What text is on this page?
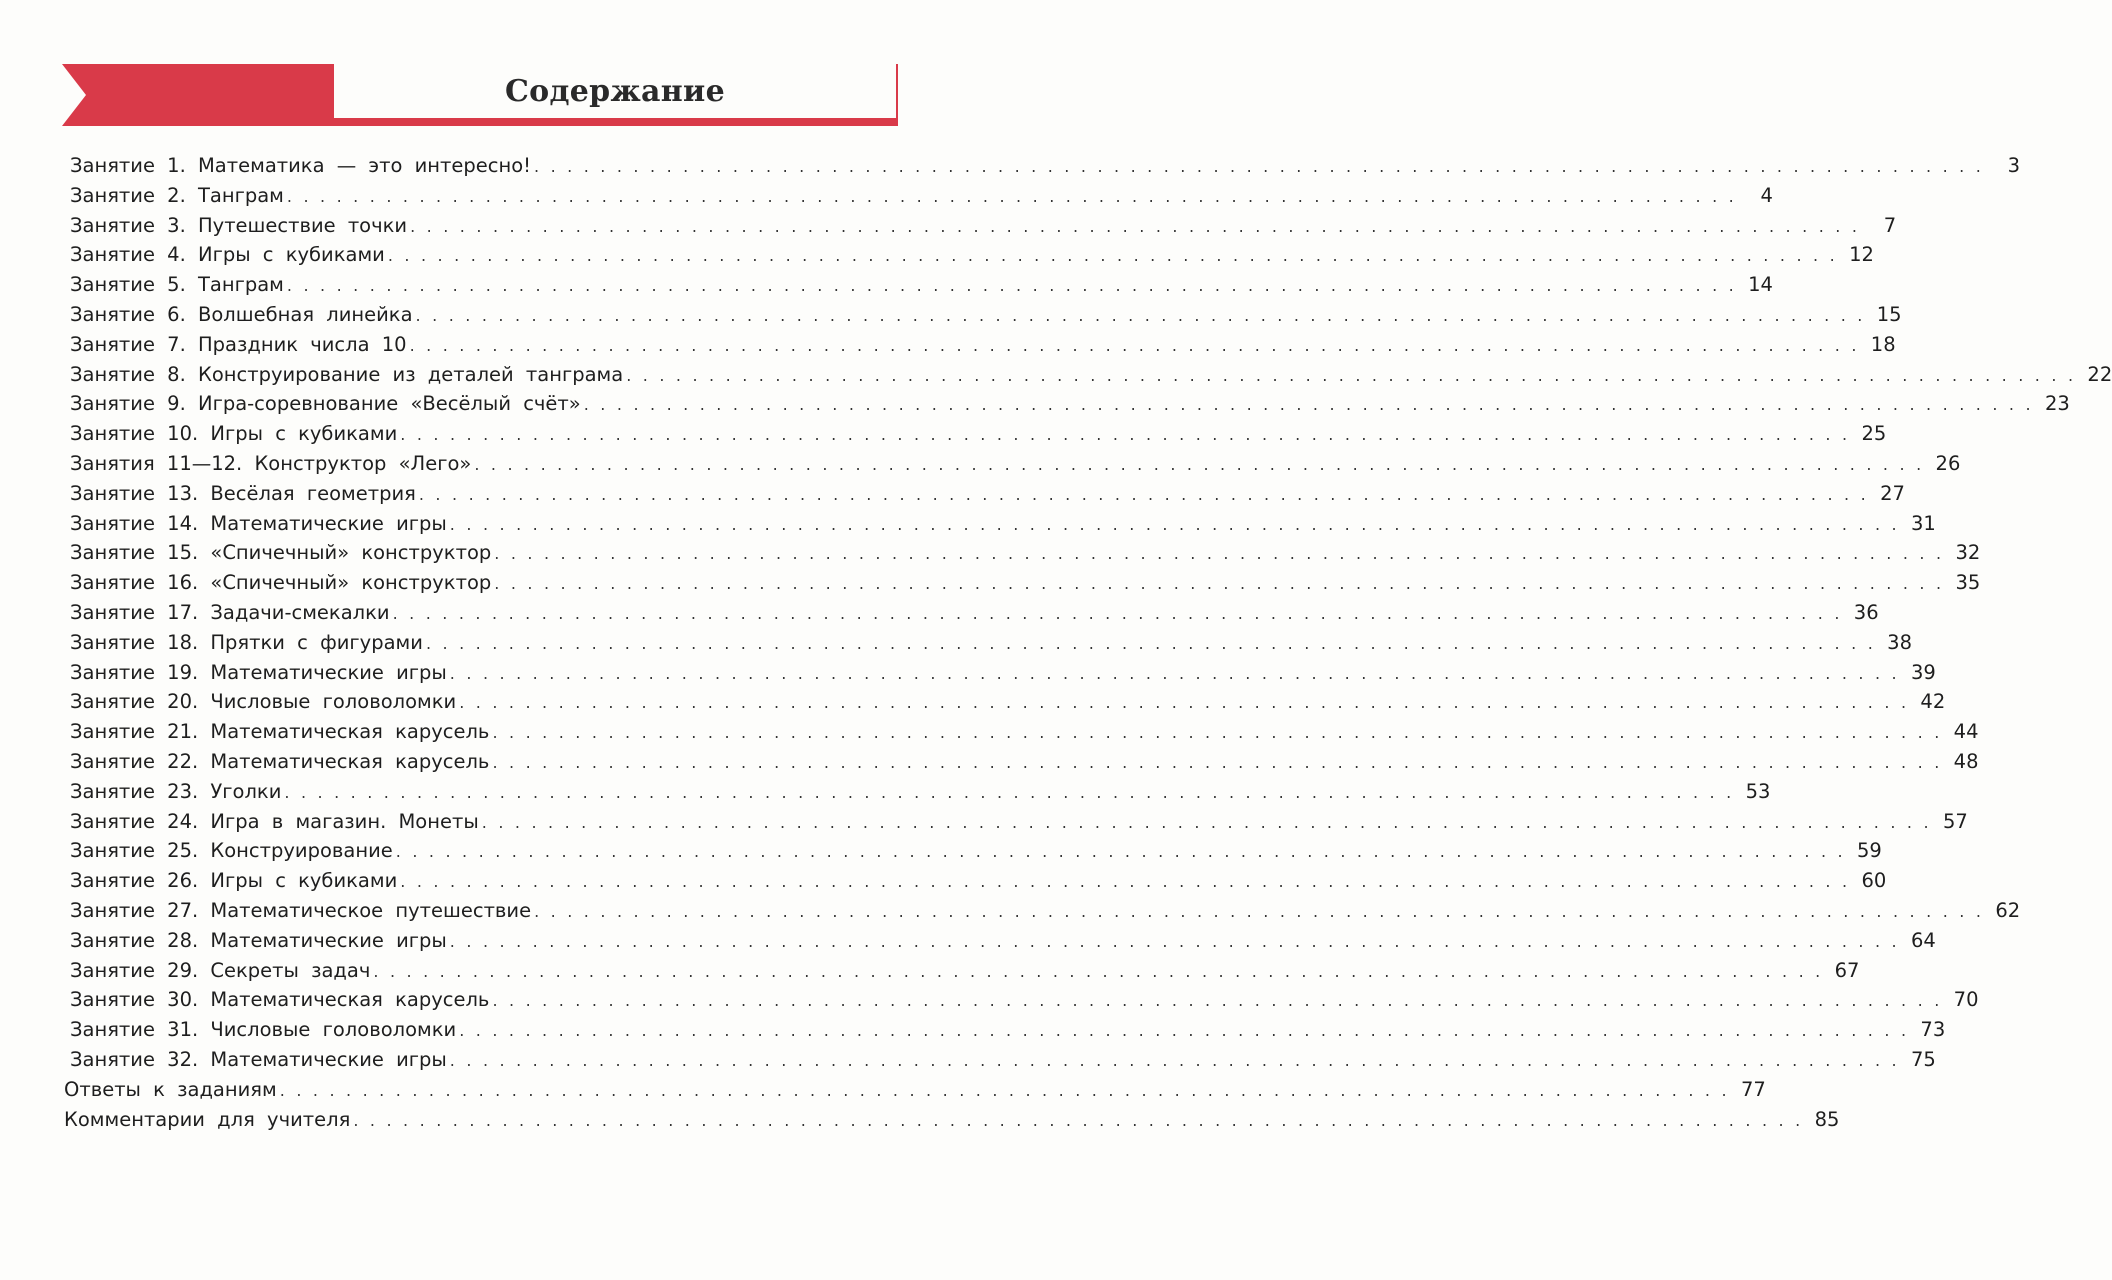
Содержание
Занятие 1. Математика — это интересно! . . . . . . . . . . . . . . . . . . . . . . . . . . . . . . . . . . . . . . . . . . . . . . . . . . . . . . . . . . . . . . . . . . . . . . . . . . . . . . . . . . . . . . . .	3
Занятие 2. Танграм . . . . . . . . . . . . . . . . . . . . . . . . . . . . . . . . . . . . . . . . . . . . . . . . . . . . . . . . . . . . . . . . . . . . . . . . . . . . . . . . . . . . . . . .	4
Занятие 3. Путешествие точки . . . . . . . . . . . . . . . . . . . . . . . . . . . . . . . . . . . . . . . . . . . . . . . . . . . . . . . . . . . . . . . . . . . . . . . . . . . . . . . . . . . . . . . .	7
Занятие 4. Игры с кубиками . . . . . . . . . . . . . . . . . . . . . . . . . . . . . . . . . . . . . . . . . . . . . . . . . . . . . . . . . . . . . . . . . . . . . . . . . . . . . . . . . . . . . . . . 12
Занятие 5. Танграм . . . . . . . . . . . . . . . . . . . . . . . . . . . . . . . . . . . . . . . . . . . . . . . . . . . . . . . . . . . . . . . . . . . . . . . . . . . . . . . . . . . . . . . . 14
Занятие 6. Волшебная линейка . . . . . . . . . . . . . . . . . . . . . . . . . . . . . . . . . . . . . . . . . . . . . . . . . . . . . . . . . . . . . . . . . . . . . . . . . . . . . . . . . . . . . . . . 15
Занятие 7. Праздник числа 10 . . . . . . . . . . . . . . . . . . . . . . . . . . . . . . . . . . . . . . . . . . . . . . . . . . . . . . . . . . . . . . . . . . . . . . . . . . . . . . . . . . . . . . . . 18
Занятие 8. Конструирование из деталей танграма . . . . . . . . . . . . . . . . . . . . . . . . . . . . . . . . . . . . . . . . . . . . . . . . . . . . . . . . . . . . . . . . . . . . . . . . . . . . . . . . . . . . . . . . 22
Занятие 9. Игра-соревнование «Весёлый счёт» . . . . . . . . . . . . . . . . . . . . . . . . . . . . . . . . . . . . . . . . . . . . . . . . . . . . . . . . . . . . . . . . . . . . . . . . . . . . . . . . . . . . . . . . 23
Занятие 10. Игры с кубиками . . . . . . . . . . . . . . . . . . . . . . . . . . . . . . . . . . . . . . . . . . . . . . . . . . . . . . . . . . . . . . . . . . . . . . . . . . . . . . . . . . . . . . . . 25
Занятия 11—12. Конструктор «Лего» . . . . . . . . . . . . . . . . . . . . . . . . . . . . . . . . . . . . . . . . . . . . . . . . . . . . . . . . . . . . . . . . . . . . . . . . . . . . . . . . . . . . . . . . 26
Занятие 13. Весёлая геометрия . . . . . . . . . . . . . . . . . . . . . . . . . . . . . . . . . . . . . . . . . . . . . . . . . . . . . . . . . . . . . . . . . . . . . . . . . . . . . . . . . . . . . . . . 27
Занятие 14. Математические игры . . . . . . . . . . . . . . . . . . . . . . . . . . . . . . . . . . . . . . . . . . . . . . . . . . . . . . . . . . . . . . . . . . . . . . . . . . . . . . . . . . . . . . . . 31
Занятие 15. «Спичечный» конструктор . . . . . . . . . . . . . . . . . . . . . . . . . . . . . . . . . . . . . . . . . . . . . . . . . . . . . . . . . . . . . . . . . . . . . . . . . . . . . . . . . . . . . . . . 32
Занятие 16. «Спичечный» конструктор . . . . . . . . . . . . . . . . . . . . . . . . . . . . . . . . . . . . . . . . . . . . . . . . . . . . . . . . . . . . . . . . . . . . . . . . . . . . . . . . . . . . . . . . 35
Занятие 17. Задачи-смекалки . . . . . . . . . . . . . . . . . . . . . . . . . . . . . . . . . . . . . . . . . . . . . . . . . . . . . . . . . . . . . . . . . . . . . . . . . . . . . . . . . . . . . . . . 36
Занятие 18. Прятки с фигурами . . . . . . . . . . . . . . . . . . . . . . . . . . . . . . . . . . . . . . . . . . . . . . . . . . . . . . . . . . . . . . . . . . . . . . . . . . . . . . . . . . . . . . . . 38
Занятие 19. Математические игры . . . . . . . . . . . . . . . . . . . . . . . . . . . . . . . . . . . . . . . . . . . . . . . . . . . . . . . . . . . . . . . . . . . . . . . . . . . . . . . . . . . . . . . . 39
Занятие 20. Числовые головоломки . . . . . . . . . . . . . . . . . . . . . . . . . . . . . . . . . . . . . . . . . . . . . . . . . . . . . . . . . . . . . . . . . . . . . . . . . . . . . . . . . . . . . . . . 42
Занятие 21. Математическая карусель . . . . . . . . . . . . . . . . . . . . . . . . . . . . . . . . . . . . . . . . . . . . . . . . . . . . . . . . . . . . . . . . . . . . . . . . . . . . . . . . . . . . . . . . 44
Занятие 22. Математическая карусель . . . . . . . . . . . . . . . . . . . . . . . . . . . . . . . . . . . . . . . . . . . . . . . . . . . . . . . . . . . . . . . . . . . . . . . . . . . . . . . . . . . . . . . . 48
Занятие 23. Уголки . . . . . . . . . . . . . . . . . . . . . . . . . . . . . . . . . . . . . . . . . . . . . . . . . . . . . . . . . . . . . . . . . . . . . . . . . . . . . . . . . . . . . . . . 53
Занятие 24. Игра в магазин. Монеты . . . . . . . . . . . . . . . . . . . . . . . . . . . . . . . . . . . . . . . . . . . . . . . . . . . . . . . . . . . . . . . . . . . . . . . . . . . . . . . . . . . . . . . . 57
Занятие 25. Конструирование . . . . . . . . . . . . . . . . . . . . . . . . . . . . . . . . . . . . . . . . . . . . . . . . . . . . . . . . . . . . . . . . . . . . . . . . . . . . . . . . . . . . . . . . 59
Занятие 26. Игры с кубиками . . . . . . . . . . . . . . . . . . . . . . . . . . . . . . . . . . . . . . . . . . . . . . . . . . . . . . . . . . . . . . . . . . . . . . . . . . . . . . . . . . . . . . . . 60
Занятие 27. Математическое путешествие . . . . . . . . . . . . . . . . . . . . . . . . . . . . . . . . . . . . . . . . . . . . . . . . . . . . . . . . . . . . . . . . . . . . . . . . . . . . . . . . . . . . . . . . 62
Занятие 28. Математические игры . . . . . . . . . . . . . . . . . . . . . . . . . . . . . . . . . . . . . . . . . . . . . . . . . . . . . . . . . . . . . . . . . . . . . . . . . . . . . . . . . . . . . . . . 64
Занятие 29. Секреты задач . . . . . . . . . . . . . . . . . . . . . . . . . . . . . . . . . . . . . . . . . . . . . . . . . . . . . . . . . . . . . . . . . . . . . . . . . . . . . . . . . . . . . . . . 67
Занятие 30. Математическая карусель . . . . . . . . . . . . . . . . . . . . . . . . . . . . . . . . . . . . . . . . . . . . . . . . . . . . . . . . . . . . . . . . . . . . . . . . . . . . . . . . . . . . . . . . 70
Занятие 31. Числовые головоломки . . . . . . . . . . . . . . . . . . . . . . . . . . . . . . . . . . . . . . . . . . . . . . . . . . . . . . . . . . . . . . . . . . . . . . . . . . . . . . . . . . . . . . . . 73
Занятие 32. Математические игры . . . . . . . . . . . . . . . . . . . . . . . . . . . . . . . . . . . . . . . . . . . . . . . . . . . . . . . . . . . . . . . . . . . . . . . . . . . . . . . . . . . . . . . . 75
Ответы к заданиям . . . . . . . . . . . . . . . . . . . . . . . . . . . . . . . . . . . . . . . . . . . . . . . . . . . . . . . . . . . . . . . . . . . . . . . . . . . . . . . . . . . . . . . . 77
Комментарии для учителя . . . . . . . . . . . . . . . . . . . . . . . . . . . . . . . . . . . . . . . . . . . . . . . . . . . . . . . . . . . . . . . . . . . . . . . . . . . . . . . . . . . . . . . . 85
